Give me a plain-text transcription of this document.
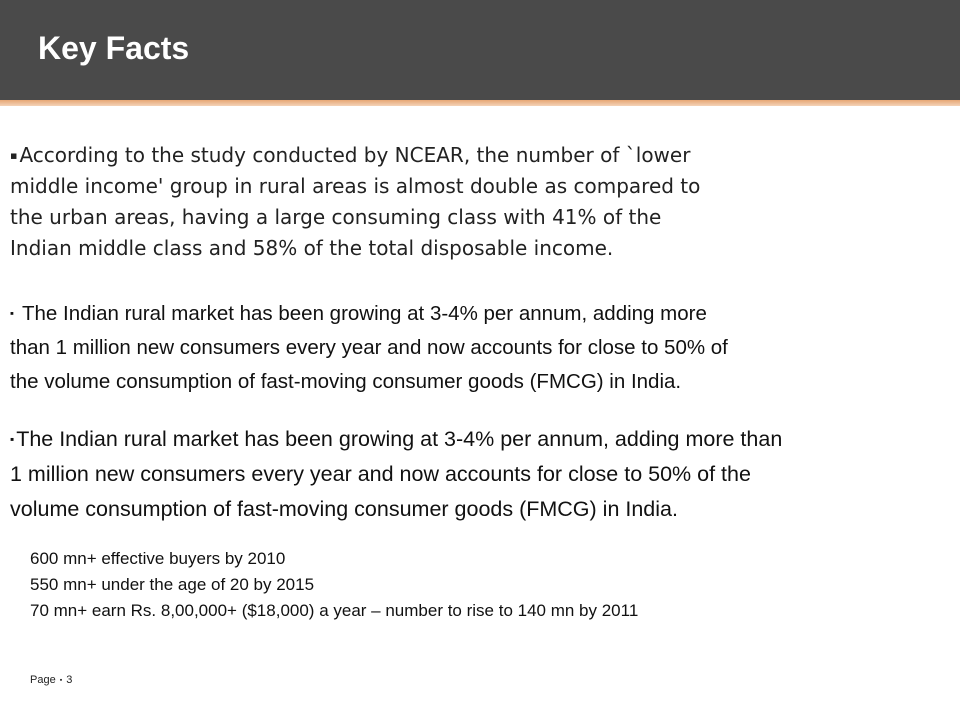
Key Facts
▪ According to the study conducted by NCEAR, the number of `lower
middle income' group in rural areas is almost double as compared to
the urban areas, having a large consuming class with 41% of the
Indian middle class and 58% of the total disposable income.
▪ The Indian rural market has been growing at 3-4% per annum, adding more
than 1 million new consumers every year and now accounts for close to 50% of
the volume consumption of fast-moving consumer goods (FMCG) in India.
▪The Indian rural market has been growing at 3-4% per annum, adding more than
1 million new consumers every year and now accounts for close to 50% of the
volume consumption of fast-moving consumer goods (FMCG) in India.
600 mn+ effective buyers by 2010
550 mn+ under the age of 20 by 2015
70 mn+ earn Rs. 8,00,000+ ($18,000) a year – number to rise to 140 mn by 2011
Page ▪ 3
